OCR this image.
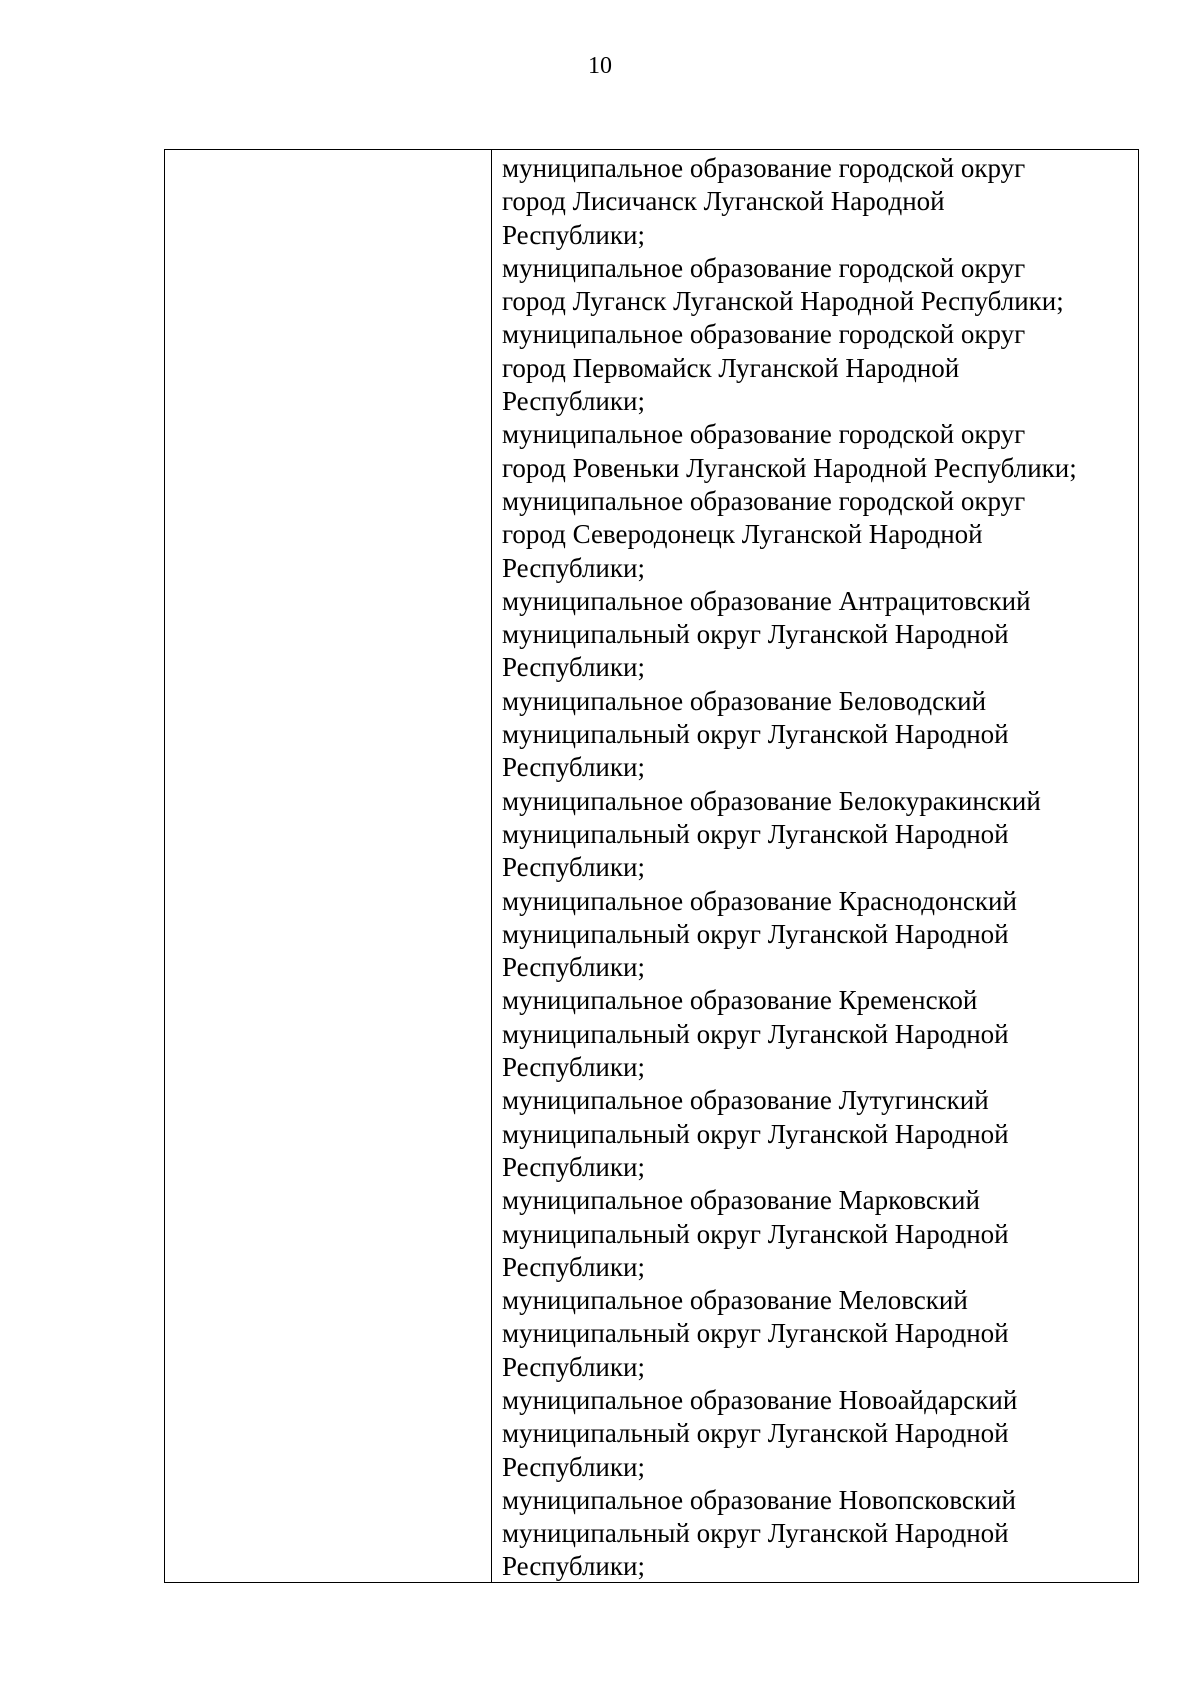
10
муниципальное образование городской округ
город Лисичанск Луганской Народной
Республики;
муниципальное образование городской округ
город Луганск Луганской Народной Республики;
муниципальное образование городской округ
город Первомайск Луганской Народной
Республики;
муниципальное образование городской округ
город Ровеньки Луганской Народной Республики;
муниципальное образование городской округ
город Северодонецк Луганской Народной
Республики;
муниципальное образование Антрацитовский
муниципальный округ Луганской Народной
Республики;
муниципальное образование Беловодский
муниципальный округ Луганской Народной
Республики;
муниципальное образование Белокуракинский
муниципальный округ Луганской Народной
Республики;
муниципальное образование Краснодонский
муниципальный округ Луганской Народной
Республики;
муниципальное образование Кременской
муниципальный округ Луганской Народной
Республики;
муниципальное образование Лутугинский
муниципальный округ Луганской Народной
Республики;
муниципальное образование Марковский
муниципальный округ Луганской Народной
Республики;
муниципальное образование Меловский
муниципальный округ Луганской Народной
Республики;
муниципальное образование Новоайдарский
муниципальный округ Луганской Народной
Республики;
муниципальное образование Новопсковский
муниципальный округ Луганской Народной
Республики;
